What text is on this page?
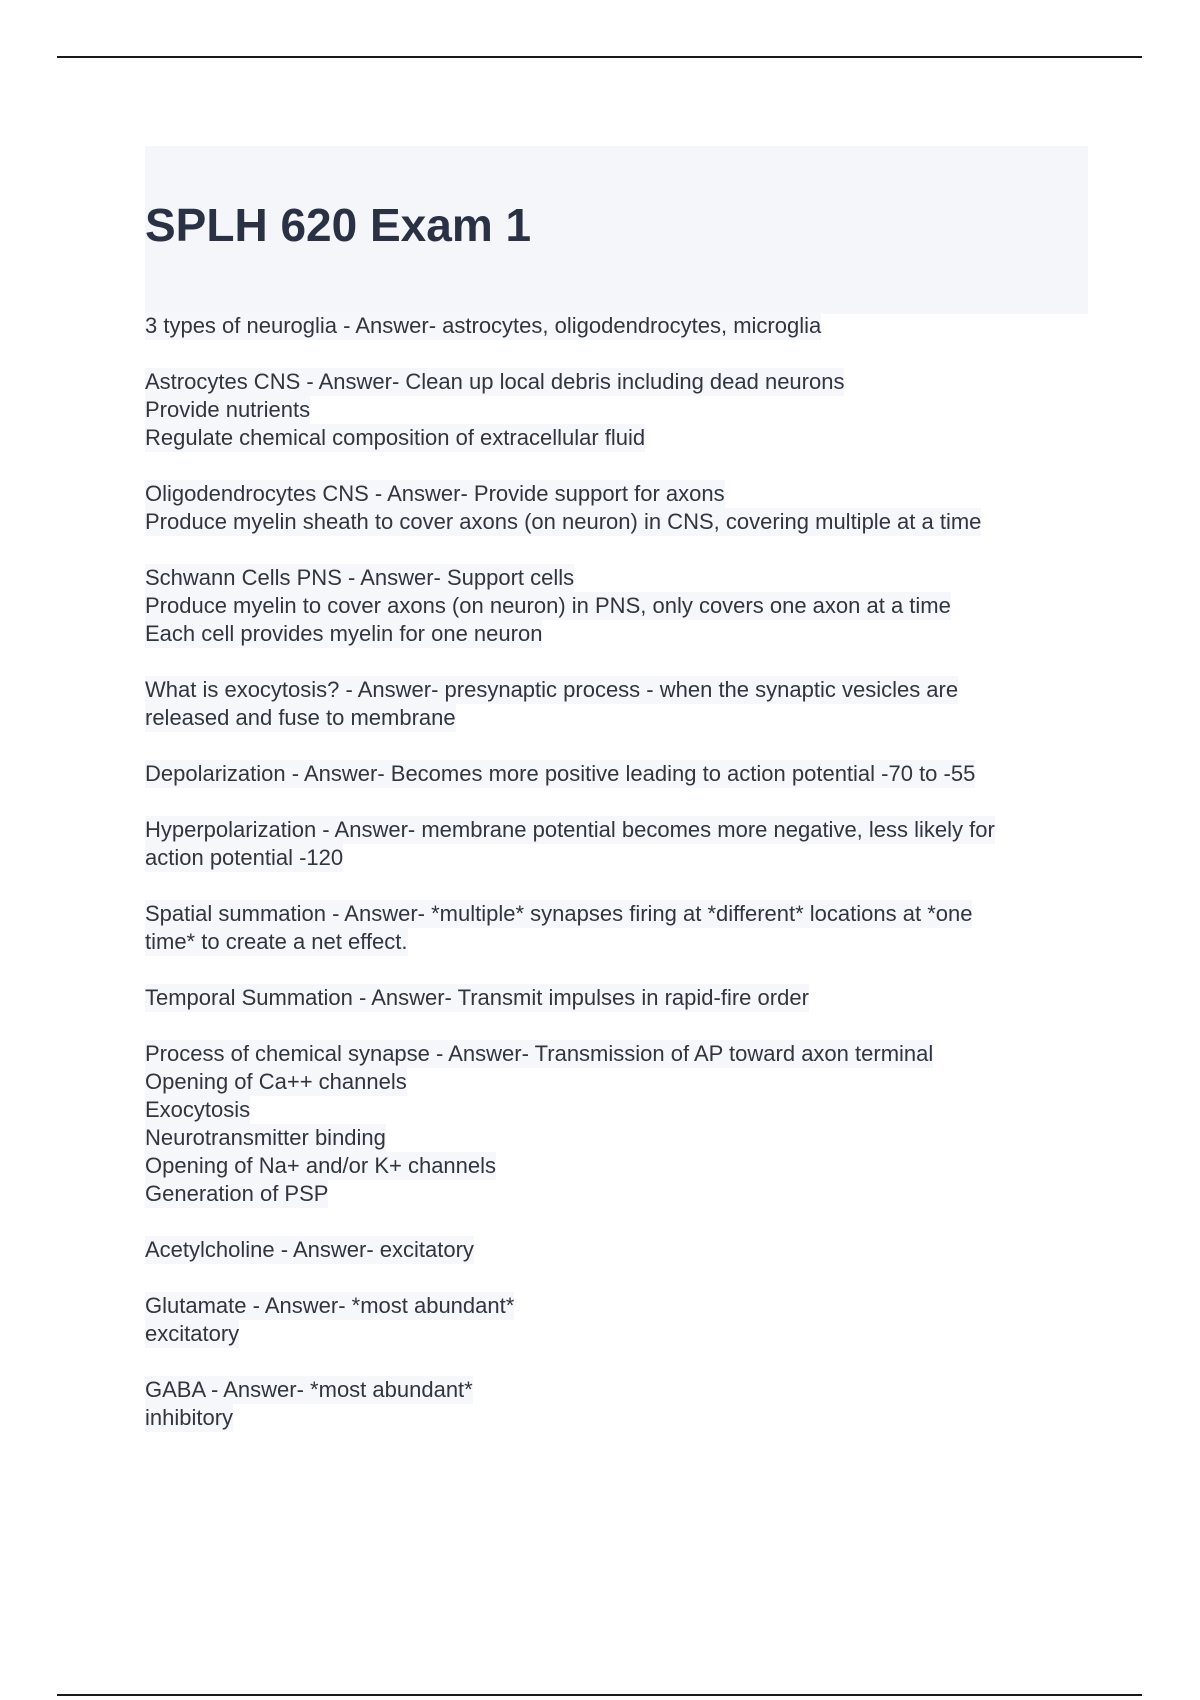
SPLH 620 Exam 1
3 types of neuroglia - Answer- astrocytes, oligodendrocytes, microglia
Astrocytes CNS - Answer- Clean up local debris including dead neurons
Provide nutrients
Regulate chemical composition of extracellular fluid
Oligodendrocytes CNS - Answer- Provide support for axons
Produce myelin sheath to cover axons (on neuron) in CNS, covering multiple at a time
Schwann Cells PNS - Answer- Support cells
Produce myelin to cover axons (on neuron) in PNS, only covers one axon at a time
Each cell provides myelin for one neuron
What is exocytosis? - Answer- presynaptic process - when the synaptic vesicles are
released and fuse to membrane
Depolarization - Answer- Becomes more positive leading to action potential -70 to -55
Hyperpolarization - Answer- membrane potential becomes more negative, less likely for
action potential -120
Spatial summation - Answer- *multiple* synapses firing at *different* locations at *one
time* to create a net effect.
Temporal Summation - Answer- Transmit impulses in rapid-fire order
Process of chemical synapse - Answer- Transmission of AP toward axon terminal
Opening of Ca++ channels
Exocytosis
Neurotransmitter binding
Opening of Na+ and/or K+ channels
Generation of PSP
Acetylcholine - Answer- excitatory
Glutamate - Answer- *most abundant*
excitatory
GABA - Answer- *most abundant*
inhibitory
